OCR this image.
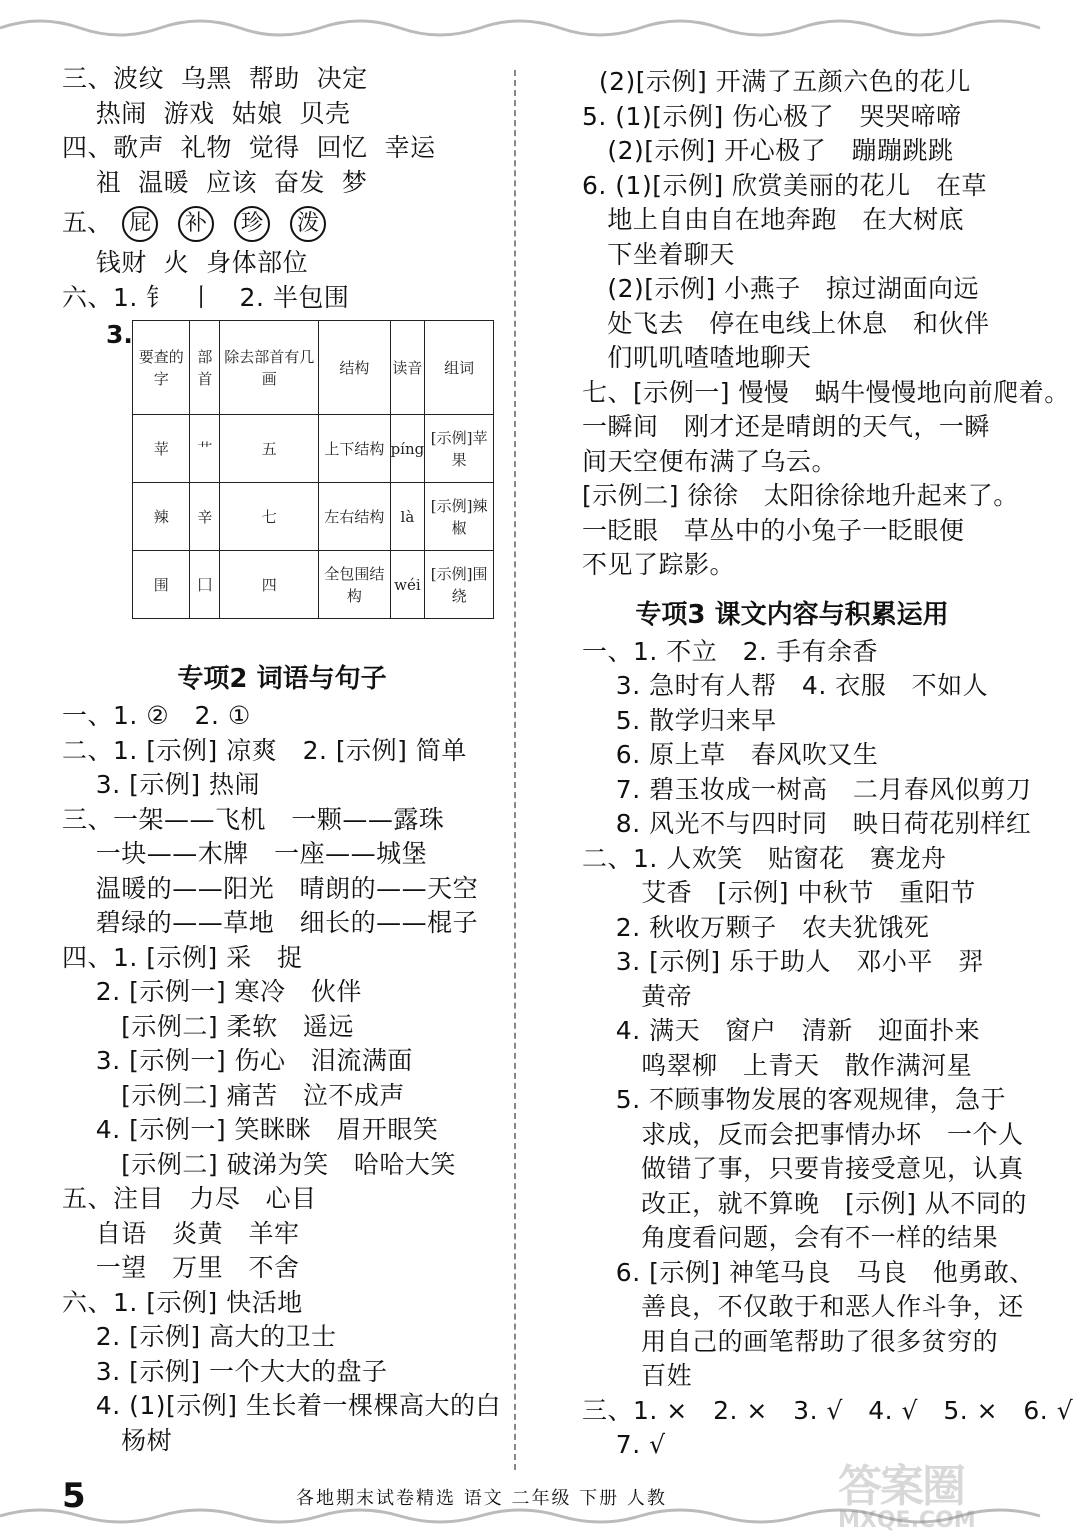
三、波纹  乌黑  帮助  决定
热闹  游戏  姑娘  贝壳
四、歌声  礼物  觉得  回忆  幸运
祖  温暖  应该  奋发  梦
五、 屁 补 珍 泼
钱财  火  身体部位
六、1. 钅  丨   2. 半包围
3.
要查的字	部首	除去部首有几画	结构	读音	组词
苹	艹	五	上下结构	píng	[示例]苹果
辣	辛	七	左右结构	là	[示例]辣椒
围	囗	四	全包围结构	wéi	[示例]围绕
专项2 词语与句子
一、1. ②   2. ①
二、1. [示例] 凉爽   2. [示例] 简单
3. [示例] 热闹
三、一架——飞机   一颗——露珠
一块——木牌   一座——城堡
温暖的——阳光   晴朗的——天空
碧绿的——草地   细长的——棍子
四、1. [示例] 采   捉
2. [示例一] 寒冷   伙伴
[示例二] 柔软   遥远
3. [示例一] 伤心   泪流满面
[示例二] 痛苦   泣不成声
4. [示例一] 笑眯眯   眉开眼笑
[示例二] 破涕为笑   哈哈大笑
五、注目   力尽   心目
自语   炎黄   羊牢
一望   万里   不舍
六、1. [示例] 快活地
2. [示例] 高大的卫士
3. [示例] 一个大大的盘子
4. (1)[示例] 生长着一棵棵高大的白
杨树
(2)[示例] 开满了五颜六色的花儿
5. (1)[示例] 伤心极了   哭哭啼啼
(2)[示例] 开心极了   蹦蹦跳跳
6. (1)[示例] 欣赏美丽的花儿   在草
地上自由自在地奔跑   在大树底
下坐着聊天
(2)[示例] 小燕子   掠过湖面向远
处飞去   停在电线上休息   和伙伴
们叽叽喳喳地聊天
七、[示例一] 慢慢   蜗牛慢慢地向前爬着。
一瞬间   刚才还是晴朗的天气，一瞬
间天空便布满了乌云。
[示例二] 徐徐   太阳徐徐地升起来了。
一眨眼   草丛中的小兔子一眨眼便
不见了踪影。
专项3 课文内容与积累运用
一、1. 不立   2. 手有余香
3. 急时有人帮   4. 衣服   不如人
5. 散学归来早
6. 原上草   春风吹又生
7. 碧玉妆成一树高   二月春风似剪刀
8. 风光不与四时同   映日荷花别样红
二、1. 人欢笑   贴窗花   赛龙舟
艾香   [示例] 中秋节   重阳节
2. 秋收万颗子   农夫犹饿死
3. [示例] 乐于助人   邓小平   羿
黄帝
4. 满天   窗户   清新   迎面扑来
鸣翠柳   上青天   散作满河星
5. 不顾事物发展的客观规律，急于
求成，反而会把事情办坏   一个人
做错了事，只要肯接受意见，认真
改正，就不算晚   [示例] 从不同的
角度看问题，会有不一样的结果
6. [示例] 神笔马良   马良   他勇敢、
善良，不仅敢于和恶人作斗争，还
用自己的画笔帮助了很多贫穷的
百姓
三、1. ×   2. ×   3. √   4. √   5. ×   6. √
7. √
5	各地期末试卷精选 语文 二年级 下册 人教	答案圈
MXQE.COM
